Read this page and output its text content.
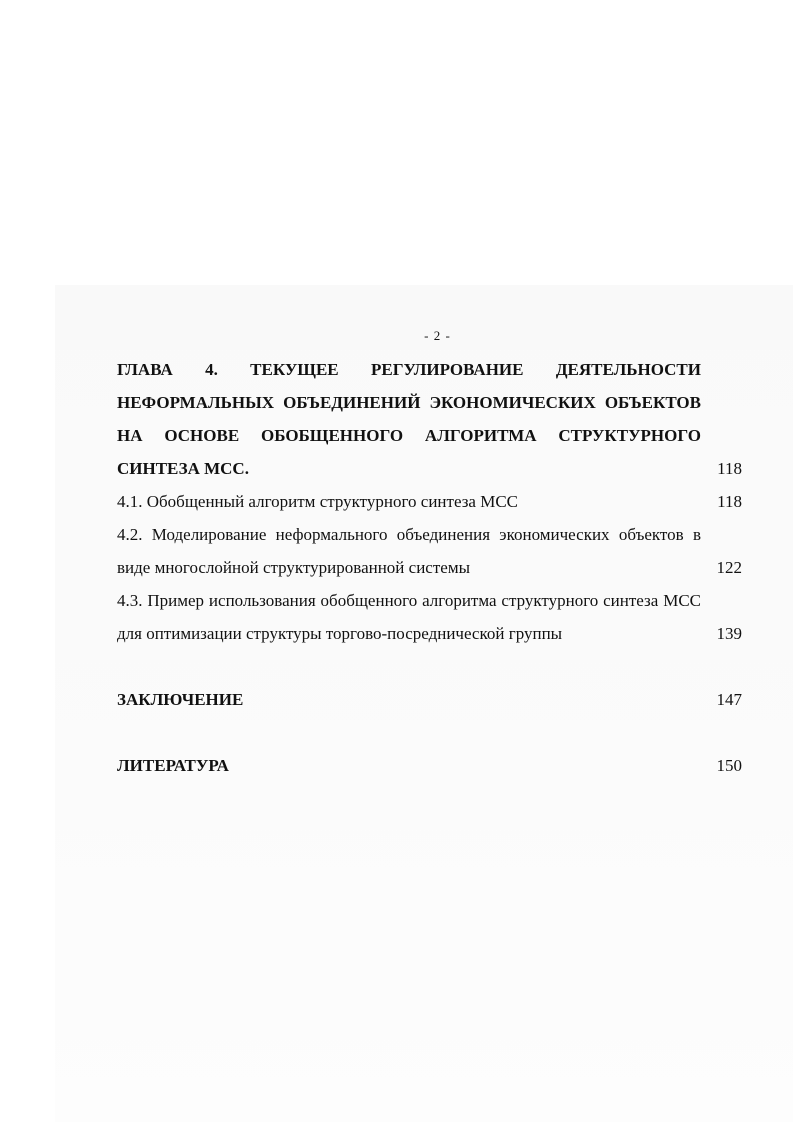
- 2 -
ГЛАВА 4. ТЕКУЩЕЕ РЕГУЛИРОВАНИЕ ДЕЯТЕЛЬНОСТИ НЕФОРМАЛЬНЫХ ОБЪЕДИНЕНИЙ ЭКОНОМИЧЕСКИХ ОБЪЕКТОВ НА ОСНОВЕ ОБОБЩЕННОГО АЛГОРИТМА СТРУКТУРНОГО СИНТЕЗА МСС.	118
4.1. Обобщенный алгоритм структурного синтеза МСС	118
4.2. Моделирование неформального объединения экономических объектов в виде многослойной структурированной системы	122
4.3. Пример использования обобщенного алгоритма структурного синтеза МСС для оптимизации структуры торгово-посреднической группы	139
ЗАКЛЮЧЕНИЕ	147
ЛИТЕРАТУРА	150
